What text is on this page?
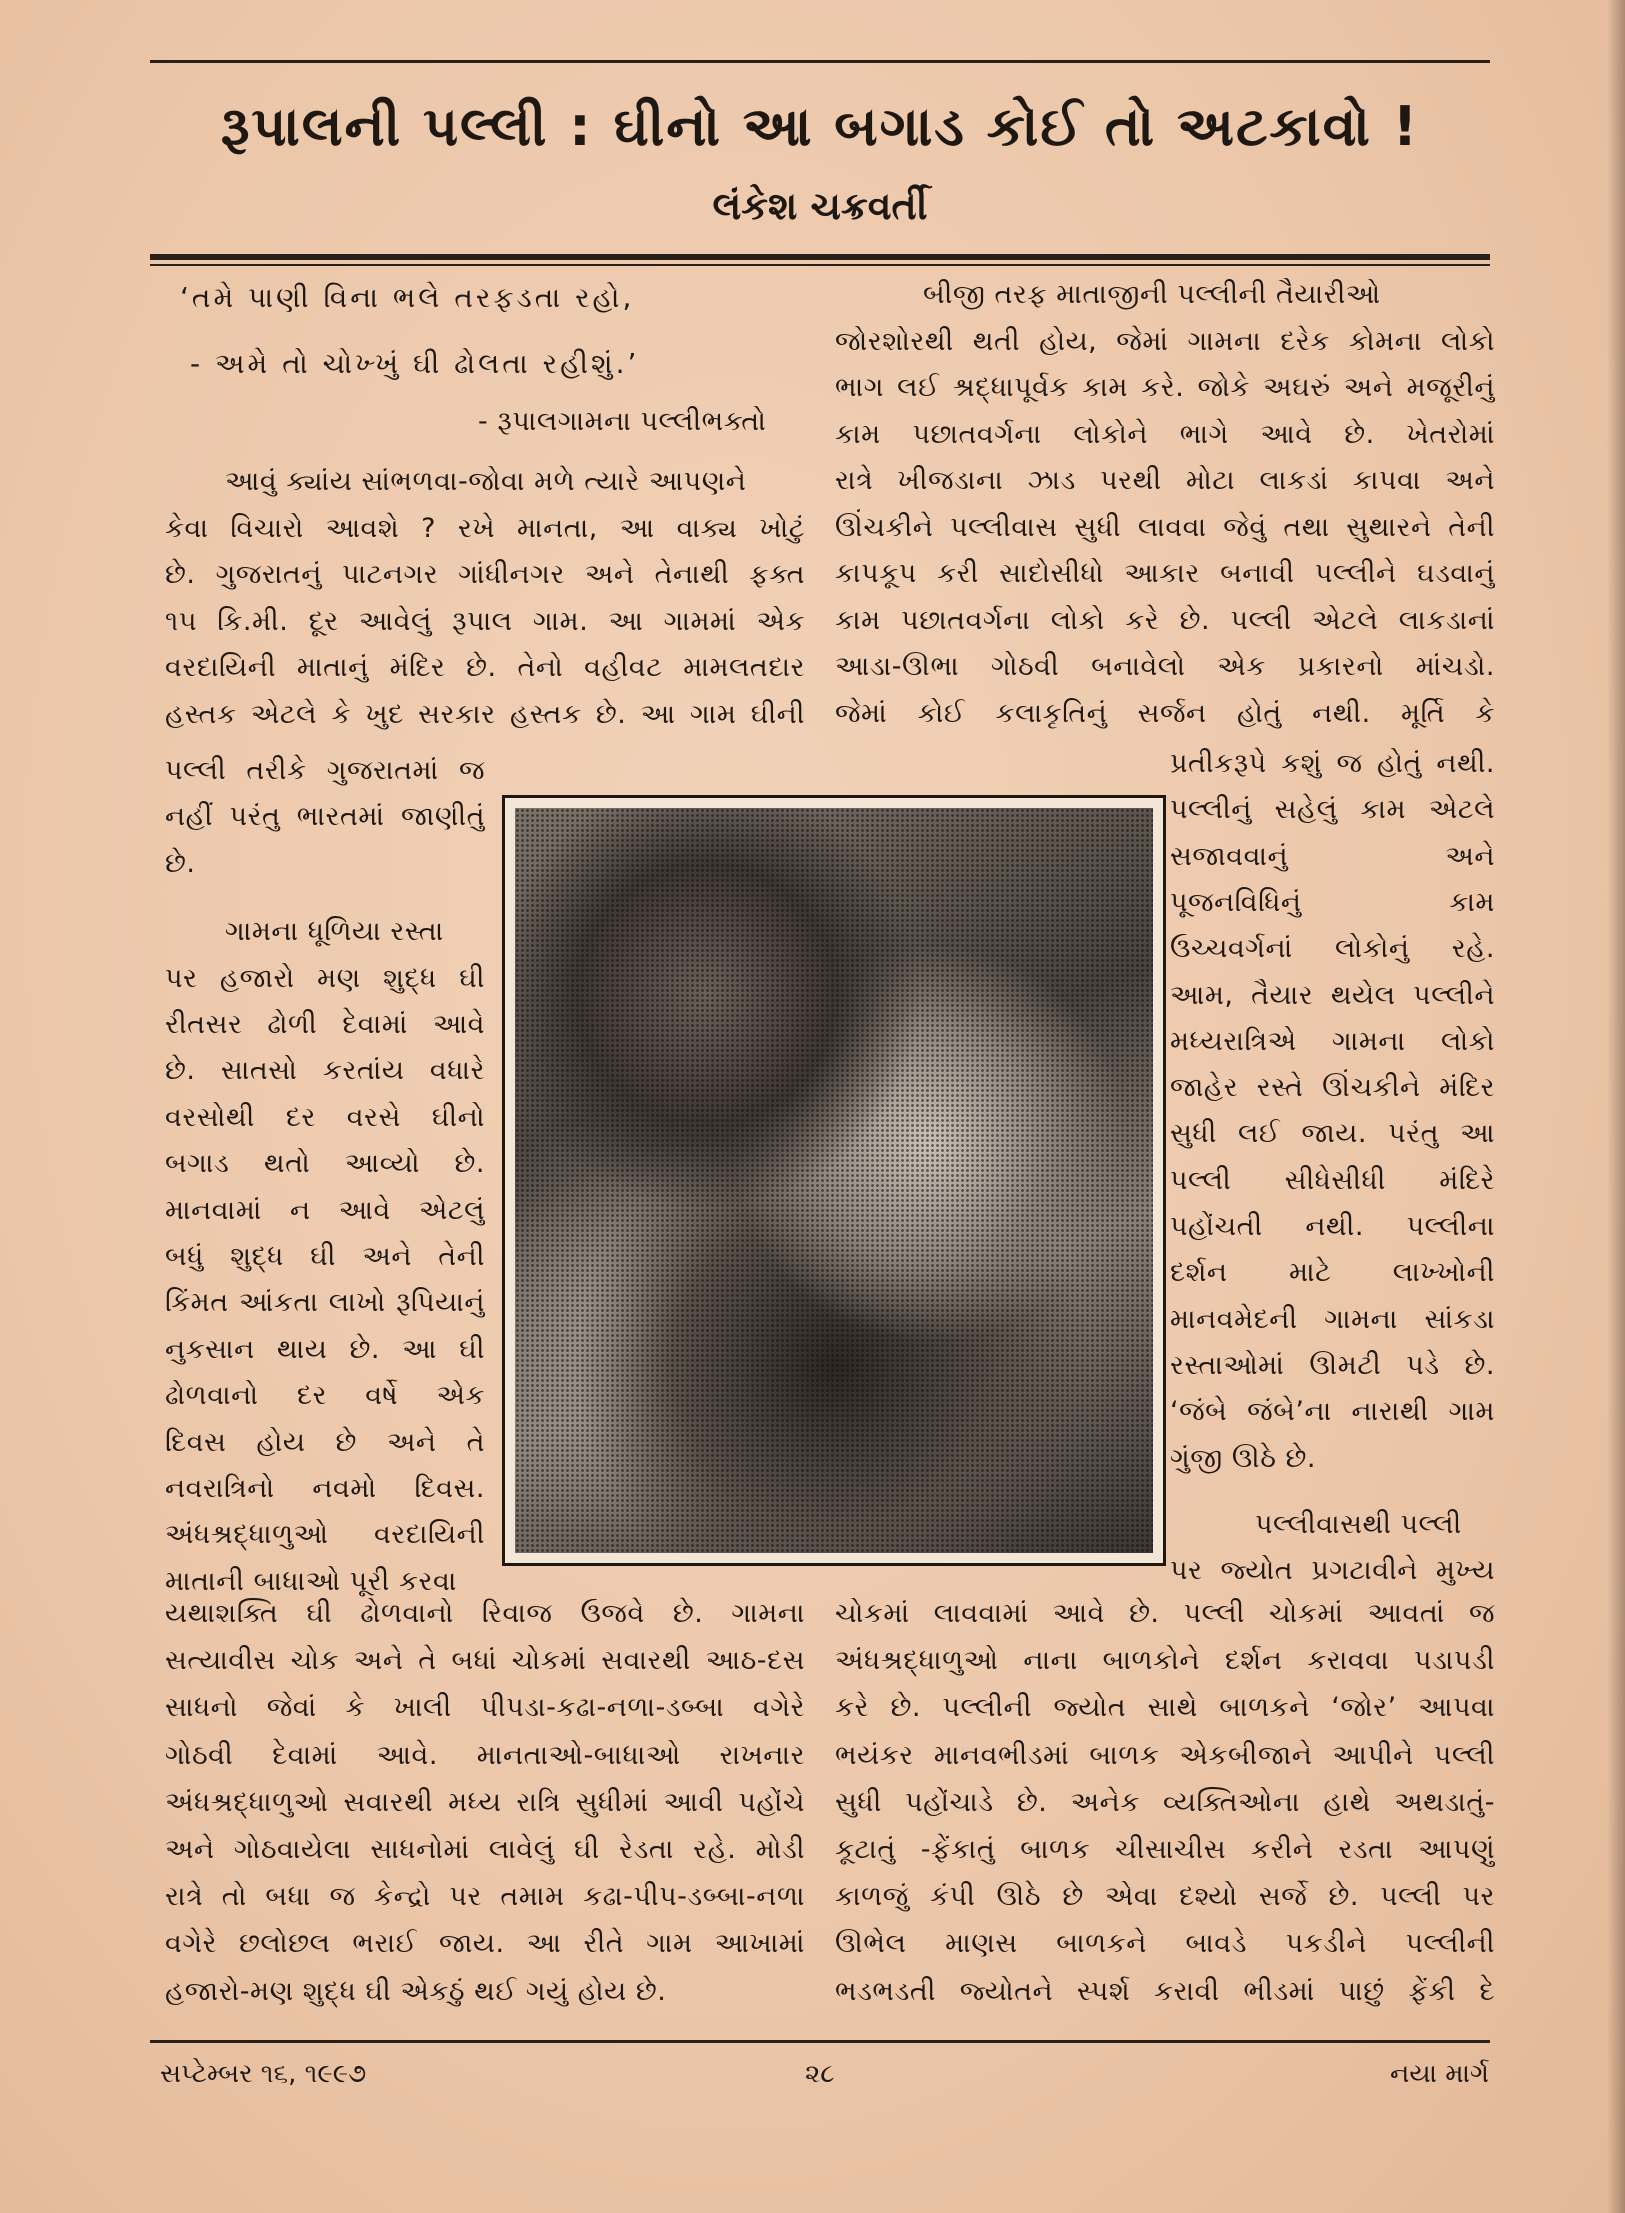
રૂપાલની પલ્લી : ઘીનો આ બગાડ કોઈ તો અટકાવો !
લંકેશ ચક્રવર્તી
‘તમે પાણી વિના ભલે તરફડતા રહો,
- અમે તો ચોખ્ખું ઘી ઢોલતા રહીશું.’
- રૂપાલગામના પલ્લીભક્તો
આવું ક્યાંય સાંભળવા-જોવા મળે ત્યારે આપણને
કેવા વિચારો આવશે ? રખે માનતા, આ વાક્ય ખોટું
છે. ગુજરાતનું પાટનગર ગાંધીનગર અને તેનાથી ફક્ત
૧૫ કિ.મી. દૂર આવેલું રૂપાલ ગામ. આ ગામમાં એક
વરદાયિની માતાનું મંદિર છે. તેનો વહીવટ મામલતદાર
હસ્તક એટલે કે ખુદ સરકાર હસ્તક છે. આ ગામ ઘીની
પલ્લી તરીકે ગુજરાતમાં જ
નહીં પરંતુ ભારતમાં જાણીતું
છે.
ગામના ધૂળિયા રસ્તા
પર હજારો મણ શુદ્ધ ઘી
રીતસર ઢોળી દેવામાં આવે
છે. સાતસો કરતાંય વધારે
વરસોથી દર વરસે ઘીનો
બગાડ થતો આવ્યો છે.
માનવામાં ન આવે એટલું
બધું શુદ્ધ ઘી અને તેની
કિંમત આંકતા લાખો રૂપિયાનું
નુકસાન થાય છે. આ ઘી
ઢોળવાનો દર વર્ષે એક
દિવસ હોય છે અને તે
નવરાત્રિનો નવમો દિવસ.
અંધશ્રદ્ધાળુઓ વરદાયિની
માતાની બાધાઓ પૂરી કરવા
યથાશક્તિ ઘી ઢોળવાનો રિવાજ ઉજવે છે. ગામના
સત્યાવીસ ચોક અને તે બધાં ચોકમાં સવારથી આઠ-દસ
સાધનો જેવાં કે ખાલી પીપડા-કઢા-નળા-ડબ્બા વગેરે
ગોઠવી દેવામાં આવે. માનતાઓ-બાધાઓ રાખનાર
અંધશ્રદ્ધાળુઓ સવારથી મધ્ય રાત્રિ સુધીમાં આવી પહોંચે
અને ગોઠવાયેલા સાધનોમાં લાવેલું ઘી રેડતા રહે. મોડી
રાત્રે તો બધા જ કેન્દ્રો પર તમામ કઢા-પીપ-ડબ્બા-નળા
વગેરે છલોછલ ભરાઈ જાય. આ રીતે ગામ આખામાં
હજારો-મણ શુદ્ધ ઘી એકઠું થઈ ગયું હોય છે.
બીજી તરફ માતાજીની પલ્લીની તૈયારીઓ
જોરશોરથી થતી હોય, જેમાં ગામના દરેક કોમના લોકો
ભાગ લઈ શ્રદ્ધાપૂર્વક કામ કરે. જોકે અઘરું અને મજૂરીનું
કામ પછાતવર્ગના લોકોને ભાગે આવે છે. ખેતરોમાં
રાત્રે ખીજડાના ઝાડ પરથી મોટા લાકડાં કાપવા અને
ઊંચકીને પલ્લીવાસ સુધી લાવવા જેવું તથા સુથારને તેની
કાપકૂપ કરી સાદોસીધો આકાર બનાવી પલ્લીને ઘડવાનું
કામ પછાતવર્ગના લોકો કરે છે. પલ્લી એટલે લાકડાનાં
આડા-ઊભા ગોઠવી બનાવેલો એક પ્રકારનો માંચડો.
જેમાં કોઈ કલાકૃતિનું સર્જન હોતું નથી. મૂર્તિ કે
પ્રતીકરૂપે કશું જ હોતું નથી.
પલ્લીનું સહેલું કામ એટલે
સજાવવાનું અને
પૂજનવિધિનું કામ
ઉચ્ચવર્ગનાં લોકોનું રહે.
આમ, તૈયાર થયેલ પલ્લીને
મધ્યરાત્રિએ ગામના લોકો
જાહેર રસ્તે ઊંચકીને મંદિર
સુધી લઈ જાય. પરંતુ આ
પલ્લી સીધેસીધી મંદિરે
પહોંચતી નથી. પલ્લીના
દર્શન માટે લાખ્ખોની
માનવમેદની ગામના સાંકડા
રસ્તાઓમાં ઊમટી પડે છે.
‘જંબે જંબે’ના નારાથી ગામ
ગુંજી ઊઠે છે.
પલ્લીવાસથી પલ્લી
પર જ્યોત પ્રગટાવીને મુખ્ય
ચોકમાં લાવવામાં આવે છે. પલ્લી ચોકમાં આવતાં જ
અંધશ્રદ્ધાળુઓ નાના બાળકોને દર્શન કરાવવા પડાપડી
કરે છે. પલ્લીની જ્યોત સાથે બાળકને ‘જોર’ આપવા
ભયંકર માનવભીડમાં બાળક એકબીજાને આપીને પલ્લી
સુધી પહોંચાડે છે. અનેક વ્યક્તિઓના હાથે અથડાતું-
કૂટાતું -ફેંકાતું બાળક ચીસાચીસ કરીને રડતા આપણું
કાળજું કંપી ઊઠે છે એવા દશ્યો સર્જે છે. પલ્લી પર
ઊભેલ માણસ બાળકને બાવડે પકડીને પલ્લીની
ભડભડતી જ્યોતને સ્પર્શ કરાવી ભીડમાં પાછું ફેંકી દે
સપ્ટેમ્બર ૧૬, ૧૯૯૭	૨૮	નયા માર્ગ
